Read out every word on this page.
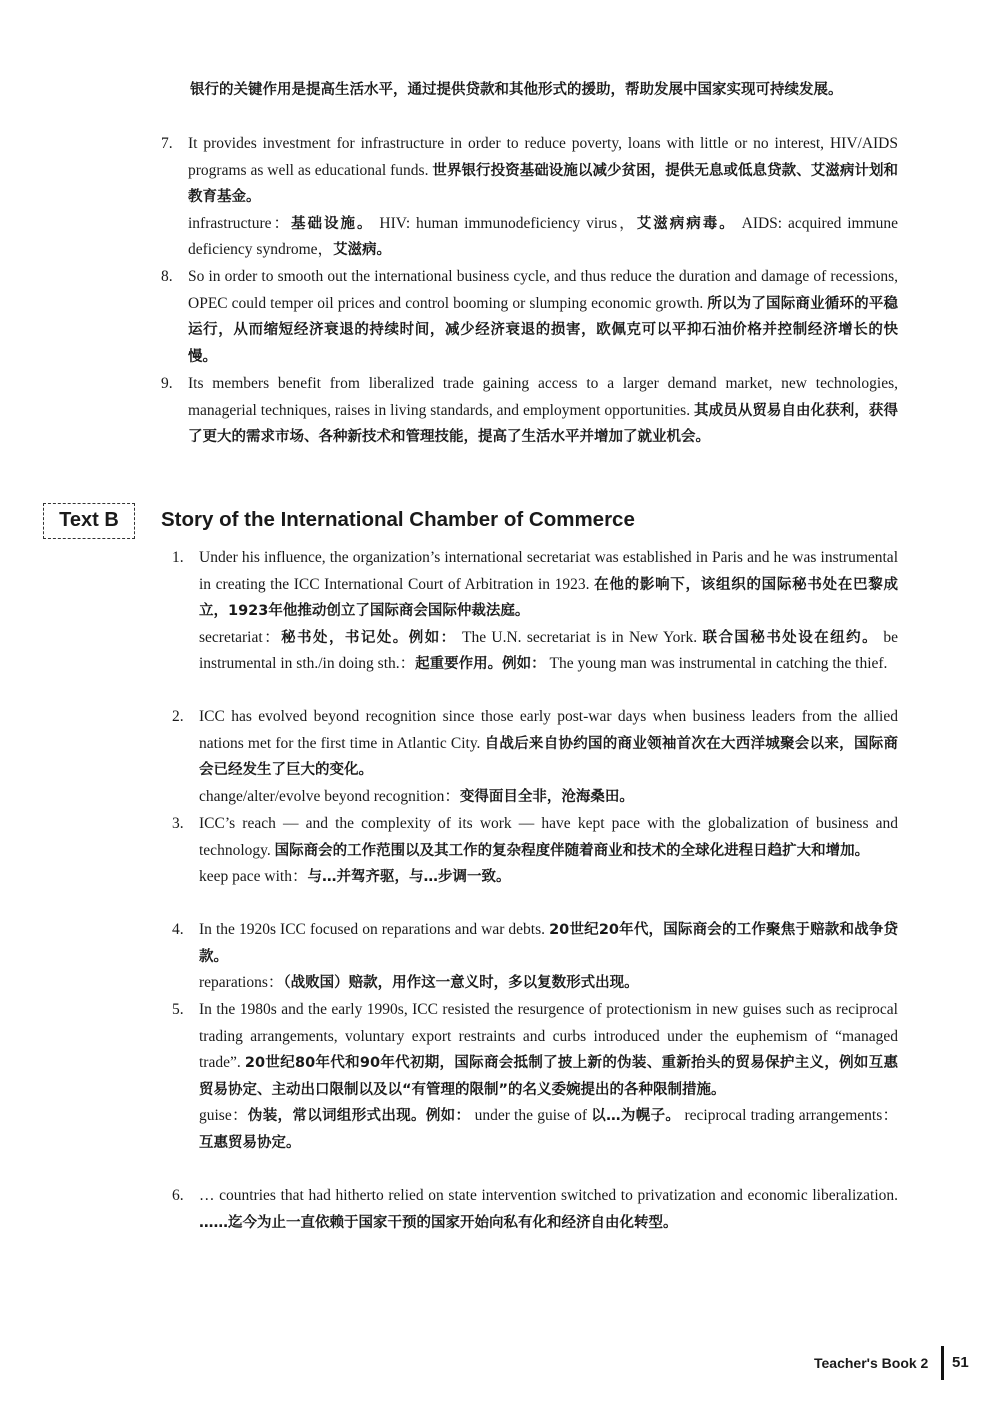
银行的关键作用是提高生活水平，通过提供贷款和其他形式的援助，帮助发展中国家实现可持续发展。
7. It provides investment for infrastructure in order to reduce poverty, loans with little or no interest, HIV/AIDS programs as well as educational funds. 世界银行投资基础设施以减少贫困，提供无息或低息贷款、艾滋病计划和教育基金。
infrastructure：基础设施。 HIV: human immunodeficiency virus，艾滋病病毒。 AIDS: acquired immune deficiency syndrome，艾滋病。
8. So in order to smooth out the international business cycle, and thus reduce the duration and damage of recessions, OPEC could temper oil prices and control booming or slumping economic growth. 所以为了国际商业循环的平稳运行，从而缩短经济衰退的持续时间，减少经济衰退的损害，欧佩克可以平抑石油价格并控制经济增长的快慢。
9. Its members benefit from liberalized trade gaining access to a larger demand market, new technologies, managerial techniques, raises in living standards, and employment opportunities. 其成员从贸易自由化获利，获得了更大的需求市场、各种新技术和管理技能，提高了生活水平并增加了就业机会。
Text B	Story of the International Chamber of Commerce
1. Under his influence, the organization’s international secretariat was established in Paris and he was instrumental in creating the ICC International Court of Arbitration in 1923. 在他的影响下，该组织的国际秘书处在巴黎成立，1923年他推动创立了国际商会国际仲裁法庭。
secretariat：秘书处，书记处。例如： The U.N. secretariat is in New York. 联合国秘书处设在纽约。 be instrumental in sth./in doing sth.：起重要作用。例如： The young man was instrumental in catching the thief.
2. ICC has evolved beyond recognition since those early post-war days when business leaders from the allied nations met for the first time in Atlantic City. 自战后来自协约国的商业领袖首次在大西洋城聚会以来，国际商会已经发生了巨大的变化。
change/alter/evolve beyond recognition：变得面目全非，沧海桑田。
3. ICC’s reach — and the complexity of its work — have kept pace with the globalization of business and technology. 国际商会的工作范围以及其工作的复杂程度伴随着商业和技术的全球化进程日趋扩大和增加。
keep pace with：与…并驾齐驱，与…步调一致。
4. In the 1920s ICC focused on reparations and war debts. 20世纪20年代，国际商会的工作聚焦于赔款和战争贷款。
reparations：（战败国）赔款，用作这一意义时，多以复数形式出现。
5. In the 1980s and the early 1990s, ICC resisted the resurgence of protectionism in new guises such as reciprocal trading arrangements, voluntary export restraints and curbs introduced under the euphemism of “managed trade”. 20世纪80年代和90年代初期，国际商会抵制了披上新的伪装、重新抬头的贸易保护主义，例如互惠贸易协定、主动出口限制以及以“有管理的限制”的名义委婉提出的各种限制措施。
guise：伪装，常以词组形式出现。例如： under the guise of 以…为幌子。 reciprocal trading arrangements：互惠贸易协定。
6. … countries that had hitherto relied on state intervention switched to privatization and economic liberalization. ……迄今为止一直依赖于国家干预的国家开始向私有化和经济自由化转型。
Teacher's Book 2 51
